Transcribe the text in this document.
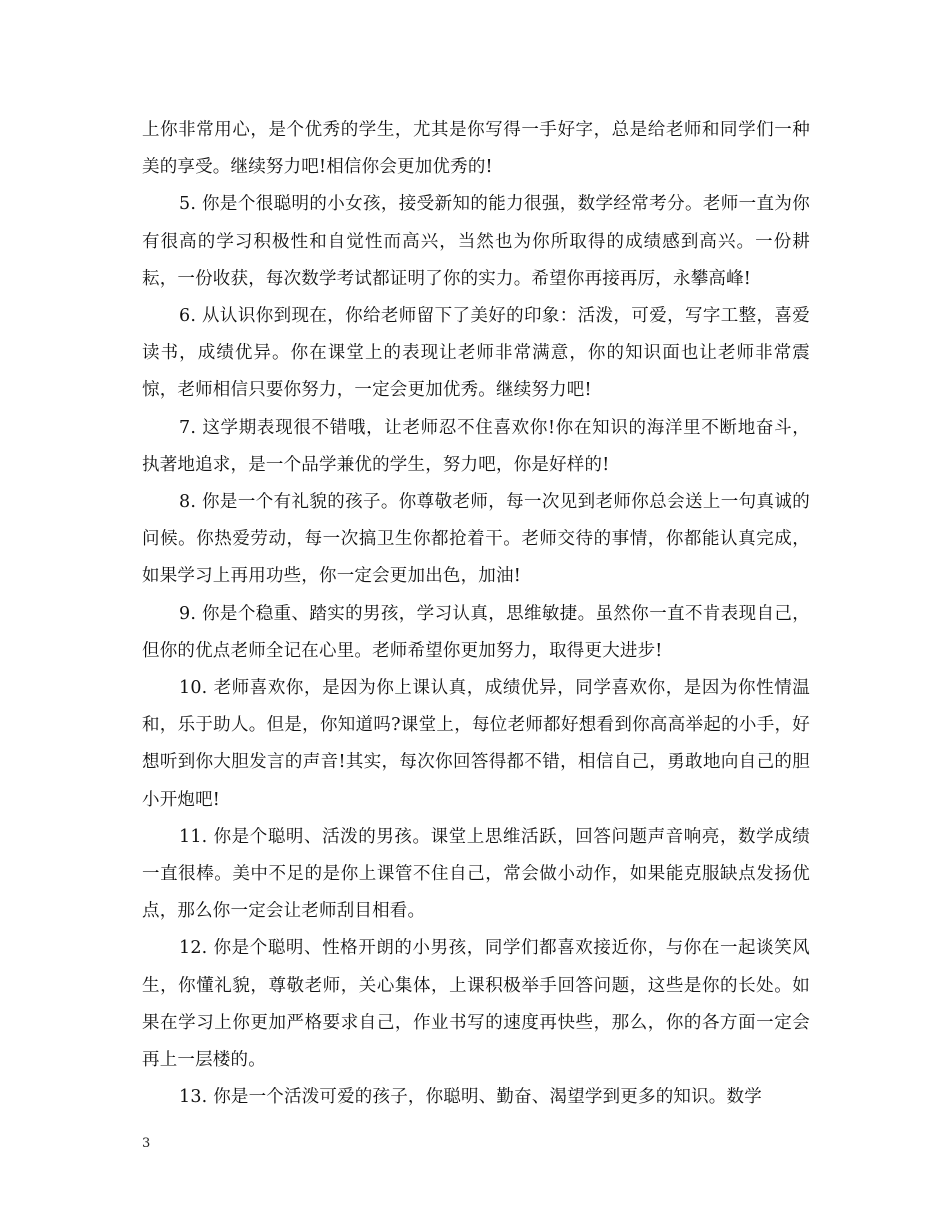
上你非常用心，是个优秀的学生，尤其是你写得一手好字，总是给老师和同学们一种美的享受。继续努力吧!相信你会更加优秀的!

5. 你是个很聪明的小女孩，接受新知的能力很强，数学经常考分。老师一直为你有很高的学习积极性和自觉性而高兴，当然也为你所取得的成绩感到高兴。一份耕耘，一份收获，每次数学考试都证明了你的实力。希望你再接再厉，永攀高峰!

6. 从认识你到现在，你给老师留下了美好的印象：活泼，可爱，写字工整，喜爱读书，成绩优异。你在课堂上的表现让老师非常满意，你的知识面也让老师非常震惊，老师相信只要你努力，一定会更加优秀。继续努力吧!

7. 这学期表现很不错哦，让老师忍不住喜欢你!你在知识的海洋里不断地奋斗，执著地追求，是一个品学兼优的学生，努力吧，你是好样的!

8. 你是一个有礼貌的孩子。你尊敬老师，每一次见到老师你总会送上一句真诚的问候。你热爱劳动，每一次搞卫生你都抢着干。老师交待的事情，你都能认真完成，如果学习上再用功些，你一定会更加出色，加油!

9. 你是个稳重、踏实的男孩，学习认真，思维敏捷。虽然你一直不肯表现自己，但你的优点老师全记在心里。老师希望你更加努力，取得更大进步!

10. 老师喜欢你，是因为你上课认真，成绩优异，同学喜欢你，是因为你性情温和，乐于助人。但是，你知道吗?课堂上，每位老师都好想看到你高高举起的小手，好想听到你大胆发言的声音!其实，每次你回答得都不错，相信自己，勇敢地向自己的胆小开炮吧!

11. 你是个聪明、活泼的男孩。课堂上思维活跃，回答问题声音响亮，数学成绩一直很棒。美中不足的是你上课管不住自己，常会做小动作，如果能克服缺点发扬优点，那么你一定会让老师刮目相看。

12. 你是个聪明、性格开朗的小男孩，同学们都喜欢接近你，与你在一起谈笑风生，你懂礼貌，尊敬老师，关心集体，上课积极举手回答问题，这些是你的长处。如果在学习上你更加严格要求自己，作业书写的速度再快些，那么，你的各方面一定会再上一层楼的。

13. 你是一个活泼可爱的孩子，你聪明、勤奋、渴望学到更多的知识。数学

3
